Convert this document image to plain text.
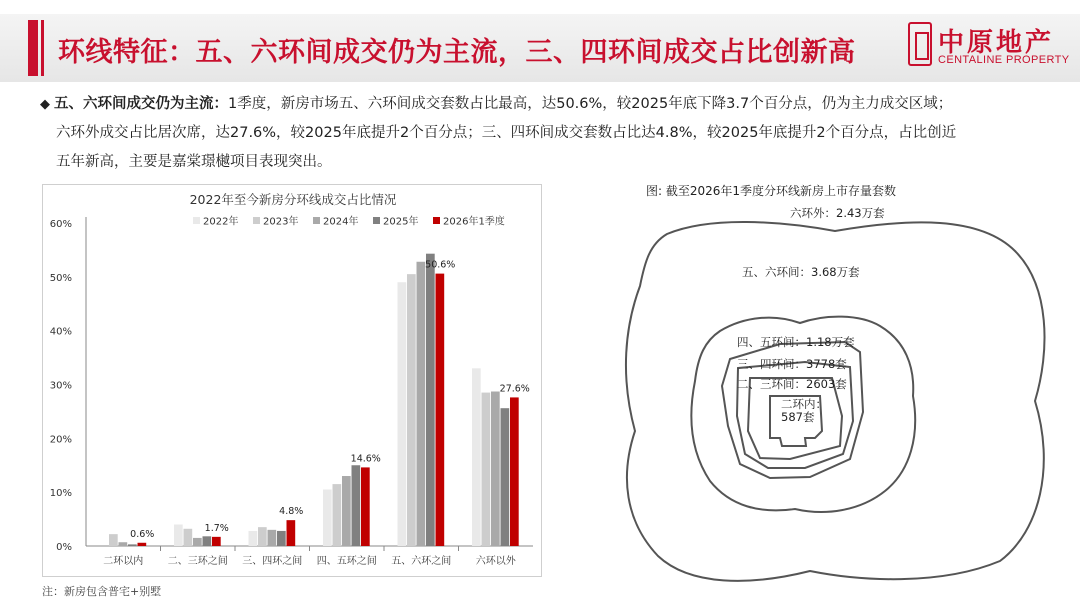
环线特征：五、六环间成交仍为主流，三、四环间成交占比创新高	中原地产
CENTALINE PROPERTY
◆ 五、六环间成交仍为主流：1季度，新房市场五、六环间成交套数占比最高，达50.6%，较2025年底下降3.7个百分点，仍为主力成交区域；
六环外成交占比居次席，达27.6%，较2025年底提升2个百分点；三、四环间成交套数占比达4.8%，较2025年底提升2个百分点，占比创近
五年新高，主要是嘉棠璟樾项目表现突出。
2022年至今新房分环线成交占比情况
2022年 2023年 2024年 2025年 2026年1季度
0%
10%
20%
30%
40%
50%
60%
0.6%
二环以内
1.7%
二、三环之间
4.8%
三、四环之间
14.6%
四、五环之间
50.6%
五、六环之间
27.6%
六环以外
注：新房包含普宅+别墅
图: 截至2026年1季度分环线新房上市存量套数
六环外：2.43万套
五、六环间：3.68万套
四、五环间：1.18万套
三、四环间：3778套
二、三环间：2603套
二环内：
587套
